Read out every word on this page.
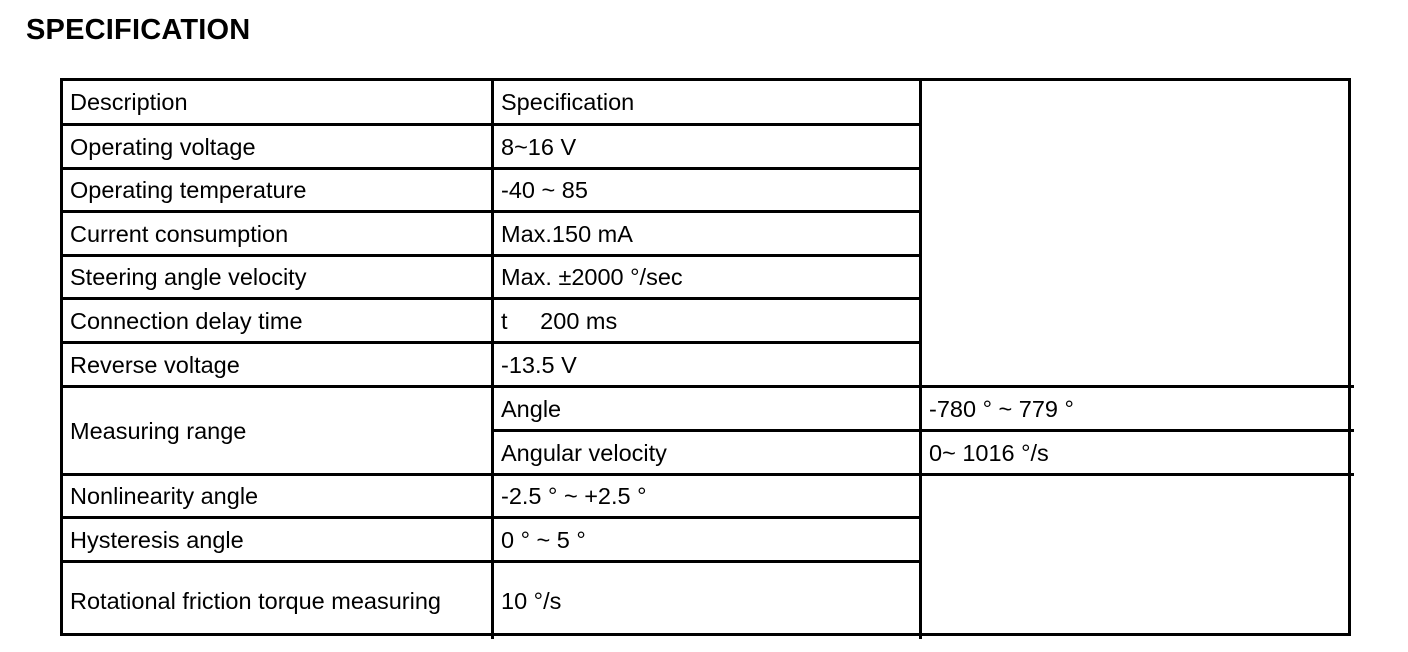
SPECIFICATION
Description	Specification
Operating voltage	8~16 V
Operating temperature	-40 ~ 85
Current consumption	Max.150 mA
Steering angle velocity	Max. ±2000 °/sec
Connection delay time	t     200 ms
Reverse voltage	-13.5 V
Measuring range
Angle	-780 ° ~ 779 °
Angular velocity	0~ 1016 °/s
Nonlinearity angle	-2.5 ° ~ +2.5 °
Hysteresis angle	0 ° ~ 5 °
Rotational friction torque measuring	10 °/s
